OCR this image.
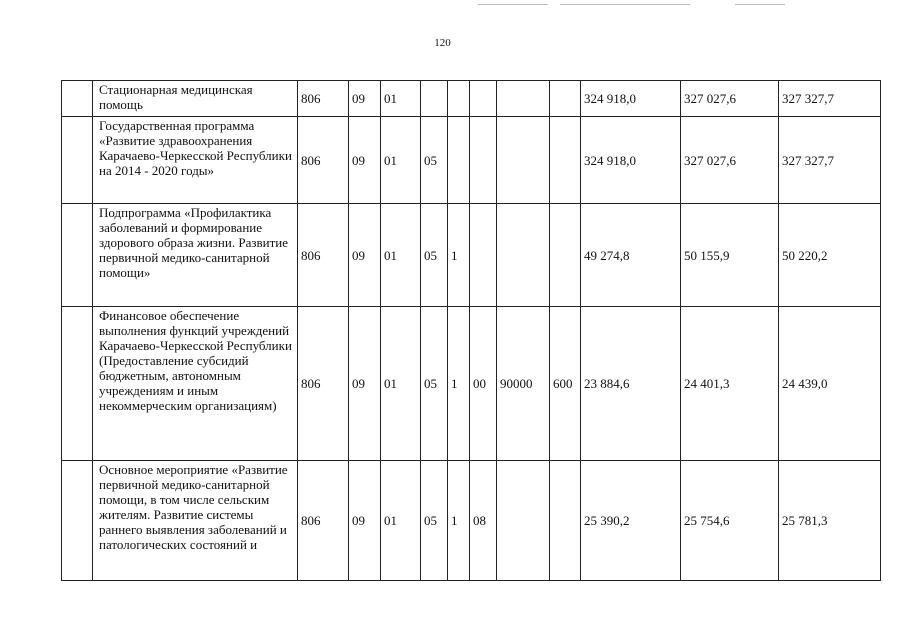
120
	Стационарная медицинская помощь	806	09	01						324 918,0	327 027,6	327 327,7
	Государственная программа «Развитие здравоохранения Карачаево-Черкесской Республики на 2014 - 2020 годы»	806	09	01	05					324 918,0	327 027,6	327 327,7
	Подпрограмма «Профилактика заболеваний и формирование здорового образа жизни. Развитие первичной медико-санитарной помощи»	806	09	01	05	1				49 274,8	50 155,9	50 220,2
	Финансовое обеспечение выполнения функций учреждений Карачаево-Черкесской Республики (Предоставление субсидий бюджетным, автономным учреждениям и иным некоммерческим организациям)	806	09	01	05	1	00	90000	600	23 884,6	24 401,3	24 439,0

	Основное мероприятие «Развитие первичной медико-санитарной помощи, в том числе сельским жителям. Развитие системы раннего выявления заболеваний и патологических состояний и	806	09	01	05	1	08			25 390,2	25 754,6	25 781,3
